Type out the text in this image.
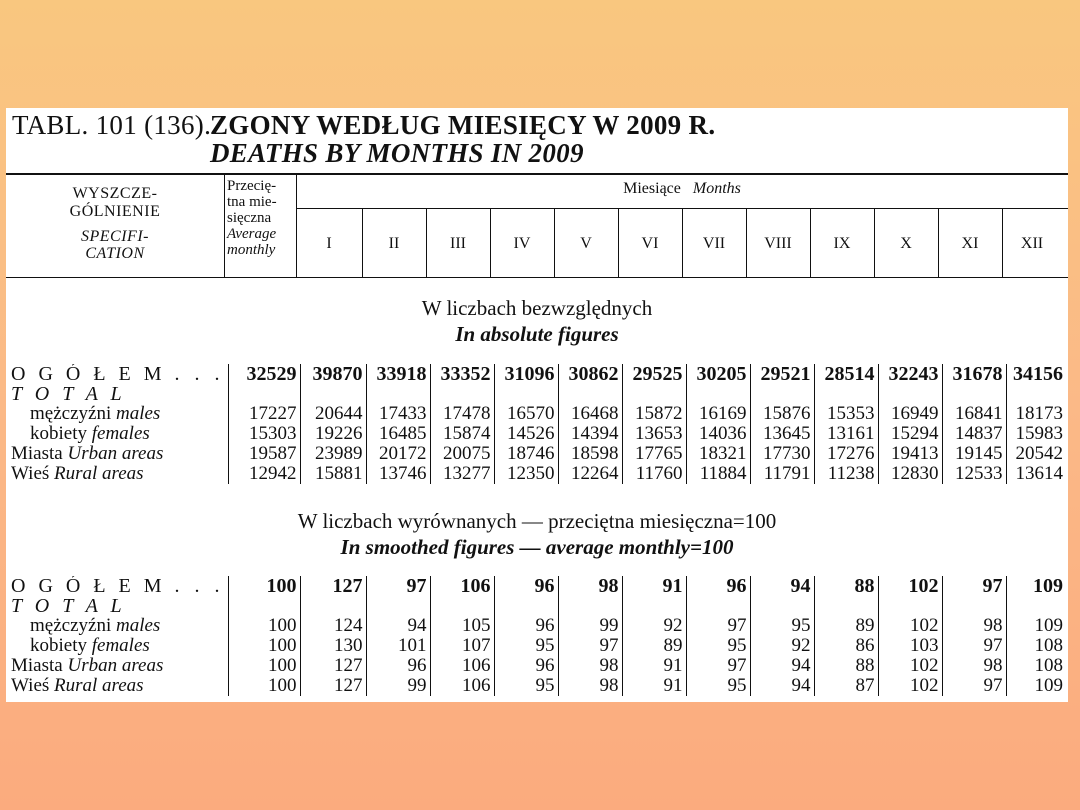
TABL. 101 (136).
ZGONY WEDŁUG MIESIĘCY W 2009 R.
DEATHS BY MONTHS IN 2009
WYSZCZE-
GÓLNIENIE
SPECIFI-
CATION
Przecię-
tna mie-
sięczna
Average
monthly
Miesiące Months
I	II	III	IV	V	VI	VII	VIII	IX	X	XI	XII
W liczbach bezwzględnych
In absolute figures
O G Ó Ł E M . . .	32529	39870	33918	33352	31096	30862	29525	30205	29521	28514	32243	31678	34156
T O T A L													
mężczyźni males	17227	20644	17433	17478	16570	16468	15872	16169	15876	15353	16949	16841	18173
kobiety females	15303	19226	16485	15874	14526	14394	13653	14036	13645	13161	15294	14837	15983
Miasta Urban areas	19587	23989	20172	20075	18746	18598	17765	18321	17730	17276	19413	19145	20542
Wieś Rural areas	12942	15881	13746	13277	12350	12264	11760	11884	11791	11238	12830	12533	13614
W liczbach wyrównanych — przeciętna miesięczna=100
In smoothed figures — average monthly=100
O G Ó Ł E M . . .	100	127	97	106	96	98	91	96	94	88	102	97	109
T O T A L													
mężczyźni males	100	124	94	105	96	99	92	97	95	89	102	98	109
kobiety females	100	130	101	107	95	97	89	95	92	86	103	97	108
Miasta Urban areas	100	127	96	106	96	98	91	97	94	88	102	98	108
Wieś Rural areas	100	127	99	106	95	98	91	95	94	87	102	97	109
